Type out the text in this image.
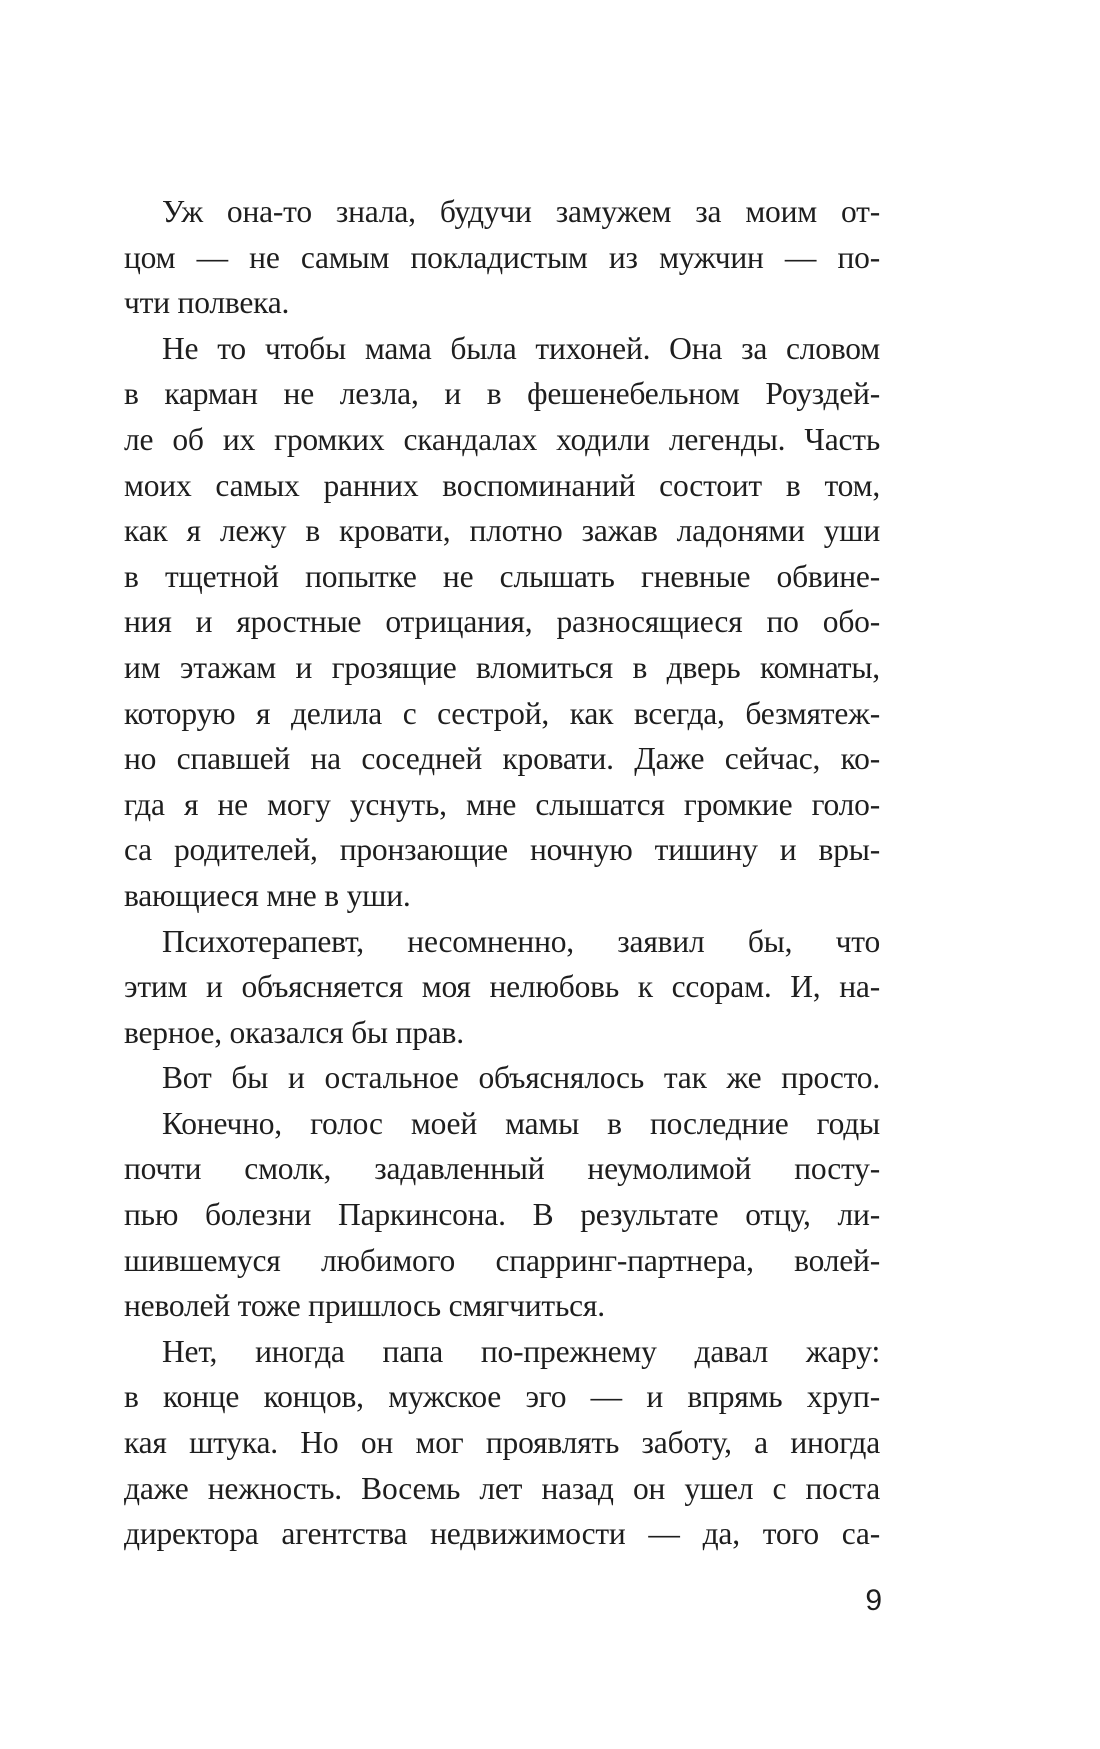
Уж она-то знала, будучи замужем за моим от-
цом — не самым покладистым из мужчин — по-
чти полвека.
Не то чтобы мама была тихоней. Она за словом
в карман не лезла, и в фешенебельном Роуздей-
ле об их громких скандалах ходили легенды. Часть
моих самых ранних воспоминаний состоит в том,
как я лежу в кровати, плотно зажав ладонями уши
в тщетной попытке не слышать гневные обвине-
ния и яростные отрицания, разносящиеся по обо-
им этажам и грозящие вломиться в дверь комнаты,
которую я делила с сестрой, как всегда, безмятеж-
но спавшей на соседней кровати. Даже сейчас, ко-
гда я не могу уснуть, мне слышатся громкие голо-
са родителей, пронзающие ночную тишину и вры-
вающиеся мне в уши.
Психотерапевт, несомненно, заявил бы, что
этим и объясняется моя нелюбовь к ссорам. И, на-
верное, оказался бы прав.
Вот бы и остальное объяснялось так же просто.
Конечно, голос моей мамы в последние годы
почти смолк, задавленный неумолимой посту-
пью болезни Паркинсона. В результате отцу, ли-
шившемуся любимого спарринг-партнера, волей-
неволей тоже пришлось смягчиться.
Нет, иногда папа по-прежнему давал жару:
в конце концов, мужское эго — и впрямь хруп-
кая штука. Но он мог проявлять заботу, а иногда
даже нежность. Восемь лет назад он ушел с поста
директора агентства недвижимости — да, того са-
9
